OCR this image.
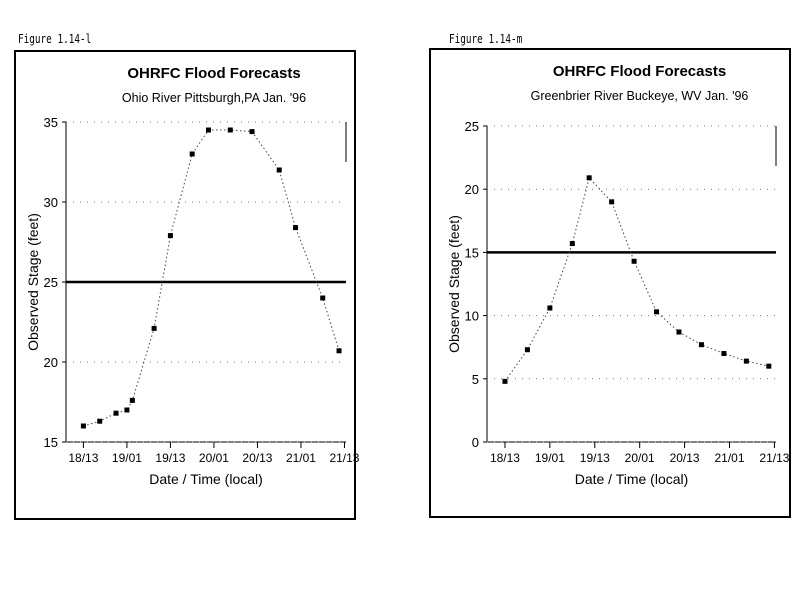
Figure 1.14-l	Figure 1.14-m
OHRFC Flood Forecasts
Ohio River Pittsburgh,PA Jan. '96
15
20
25
30
35
18/13 19/01 19/13 20/01 20/13 21/01 21/13
Date / Time (local)
Observed Stage (feet)
OHRFC Flood Forecasts
Greenbrier River Buckeye, WV Jan. '96
0
5
10
15
20
25
18/13 19/01 19/13 20/01 20/13 21/01 21/13
Date / Time (local)
Observed Stage (feet)
